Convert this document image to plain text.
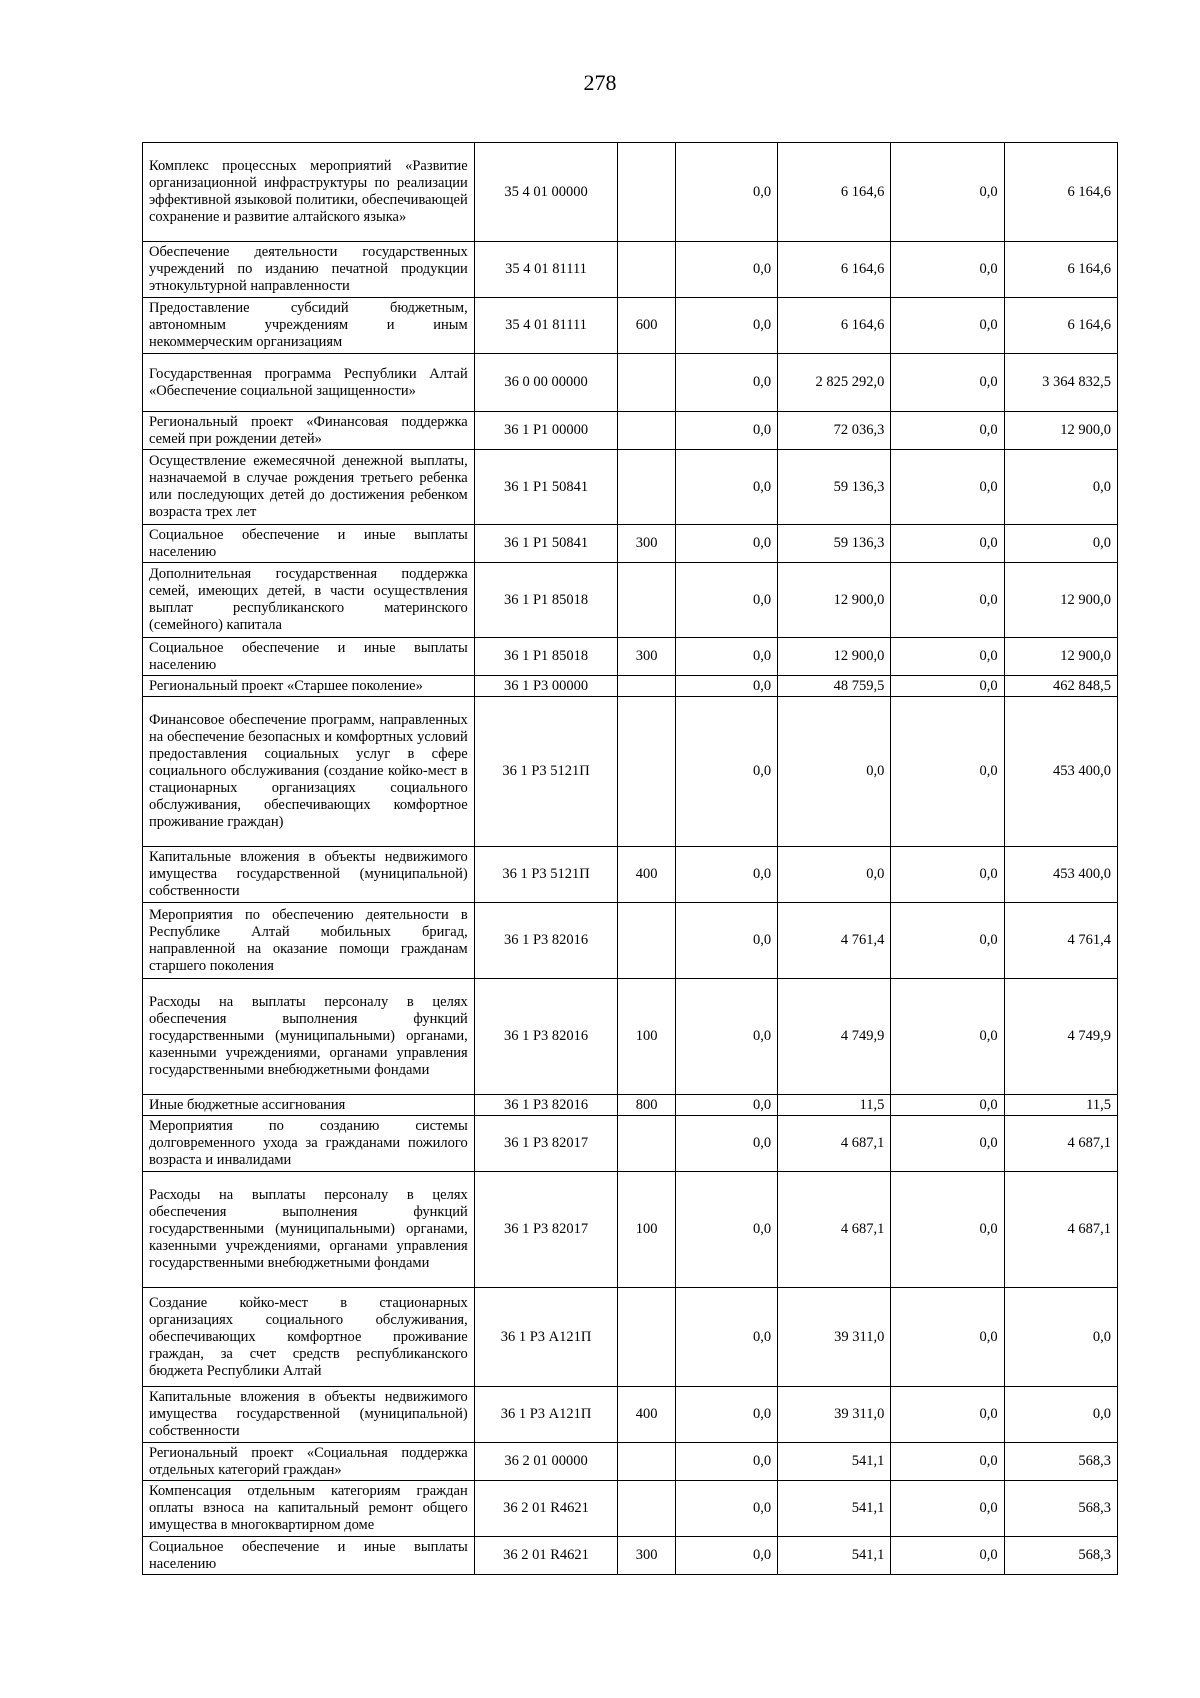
278
Комплекс процессных мероприятий «Развитие организационной инфраструктуры по реализации эффективной языковой политики, обеспечивающей сохранение и развитие алтайского языка»	35 4 01 00000		0,0	6 164,6	0,0	6 164,6
Обеспечение деятельности государственных учреждений по изданию печатной продукции этнокультурной направленности	35 4 01 81111		0,0	6 164,6	0,0	6 164,6
Предоставление субсидий бюджетным, автономным учреждениям и иным некоммерческим организациям	35 4 01 81111	600	0,0	6 164,6	0,0	6 164,6
Государственная программа Республики Алтай «Обеспечение социальной защищенности»	36 0 00 00000		0,0	2 825 292,0	0,0	3 364 832,5
Региональный проект «Финансовая поддержка семей при рождении детей»	36 1 Р1 00000		0,0	72 036,3	0,0	12 900,0
Осуществление ежемесячной денежной выплаты, назначаемой в случае рождения третьего ребенка или последующих детей до достижения ребенком возраста трех лет	36 1 Р1 50841		0,0	59 136,3	0,0	0,0
Социальное обеспечение и иные выплаты населению	36 1 Р1 50841	300	0,0	59 136,3	0,0	0,0
Дополнительная государственная поддержка семей, имеющих детей, в части осуществления выплат республиканского материнского (семейного) капитала	36 1 Р1 85018		0,0	12 900,0	0,0	12 900,0
Социальное обеспечение и иные выплаты населению	36 1 Р1 85018	300	0,0	12 900,0	0,0	12 900,0
Региональный проект «Старшее поколение»	36 1 Р3 00000		0,0	48 759,5	0,0	462 848,5
Финансовое обеспечение программ, направленных на обеспечение безопасных и комфортных условий предоставления социальных услуг в сфере социального обслуживания (создание койко-мест в стационарных организациях социального обслуживания, обеспечивающих комфортное проживание граждан)	36 1 Р3 5121П		0,0	0,0	0,0	453 400,0
Капитальные вложения в объекты недвижимого имущества государственной (муниципальной) собственности	36 1 Р3 5121П	400	0,0	0,0	0,0	453 400,0
Мероприятия по обеспечению деятельности в Республике Алтай мобильных бригад, направленной на оказание помощи гражданам старшего поколения	36 1 Р3 82016		0,0	4 761,4	0,0	4 761,4
Расходы на выплаты персоналу в целях обеспечения выполнения функций государственными (муниципальными) органами, казенными учреждениями, органами управления государственными внебюджетными фондами	36 1 Р3 82016	100	0,0	4 749,9	0,0	4 749,9
Иные бюджетные ассигнования	36 1 Р3 82016	800	0,0	11,5	0,0	11,5
Мероприятия по созданию системы долговременного ухода за гражданами пожилого возраста и инвалидами	36 1 Р3 82017		0,0	4 687,1	0,0	4 687,1
Расходы на выплаты персоналу в целях обеспечения выполнения функций государственными (муниципальными) органами, казенными учреждениями, органами управления государственными внебюджетными фондами	36 1 Р3 82017	100	0,0	4 687,1	0,0	4 687,1
Создание койко-мест в стационарных организациях социального обслуживания, обеспечивающих комфортное проживание граждан, за счет средств республиканского бюджета Республики Алтай	36 1 Р3 А121П		0,0	39 311,0	0,0	0,0
Капитальные вложения в объекты недвижимого имущества государственной (муниципальной) собственности	36 1 Р3 А121П	400	0,0	39 311,0	0,0	0,0
Региональный проект «Социальная поддержка отдельных категорий граждан»	36 2 01 00000		0,0	541,1	0,0	568,3
Компенсация отдельным категориям граждан оплаты взноса на капитальный ремонт общего имущества в многоквартирном доме	36 2 01 R4621		0,0	541,1	0,0	568,3
Социальное обеспечение и иные выплаты населению	36 2 01 R4621	300	0,0	541,1	0,0	568,3
